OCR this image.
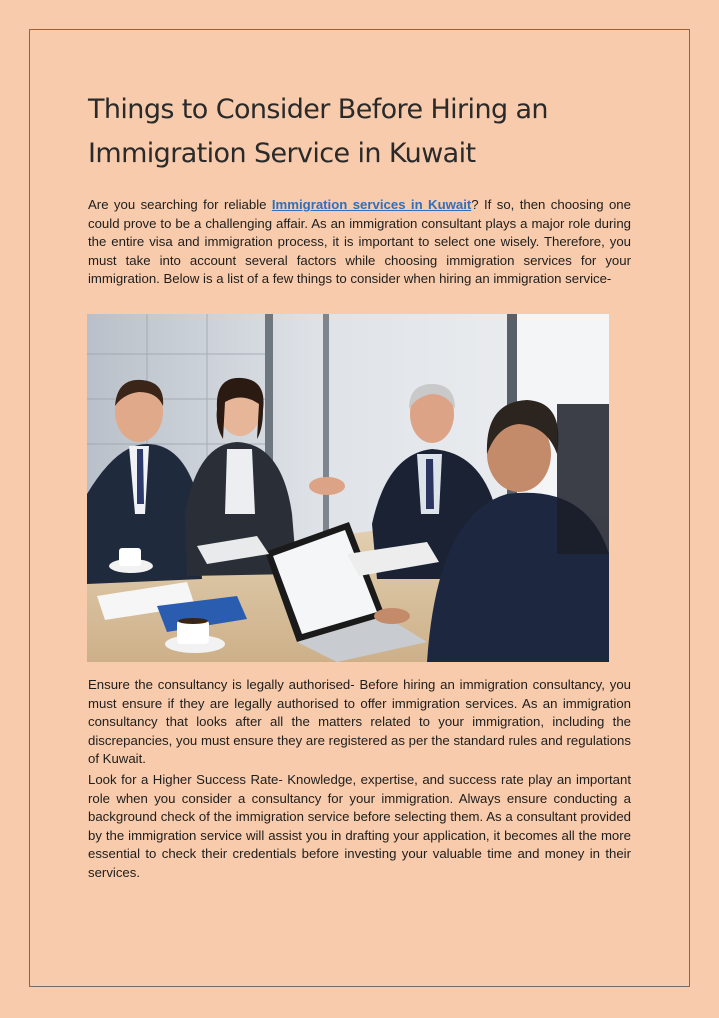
Things to Consider Before Hiring an Immigration Service in Kuwait

Are you searching for reliable Immigration services in Kuwait? If so, then choosing one could prove to be a challenging affair. As an immigration consultant plays a major role during the entire visa and immigration process, it is important to select one wisely. Therefore, you must take into account several factors while choosing immigration services for your immigration. Below is a list of a few things to consider when hiring an immigration service-

Ensure the consultancy is legally authorised- Before hiring an immigration consultancy, you must ensure if they are legally authorised to offer immigration services. As an immigration consultancy that looks after all the matters related to your immigration, including the discrepancies, you must ensure they are registered as per the standard rules and regulations of Kuwait.

Look for a Higher Success Rate- Knowledge, expertise, and success rate play an important role when you consider a consultancy for your immigration. Always ensure conducting a background check of the immigration service before selecting them. As a consultant provided by the immigration service will assist you in drafting your application, it becomes all the more essential to check their credentials before investing your valuable time and money in their services.
